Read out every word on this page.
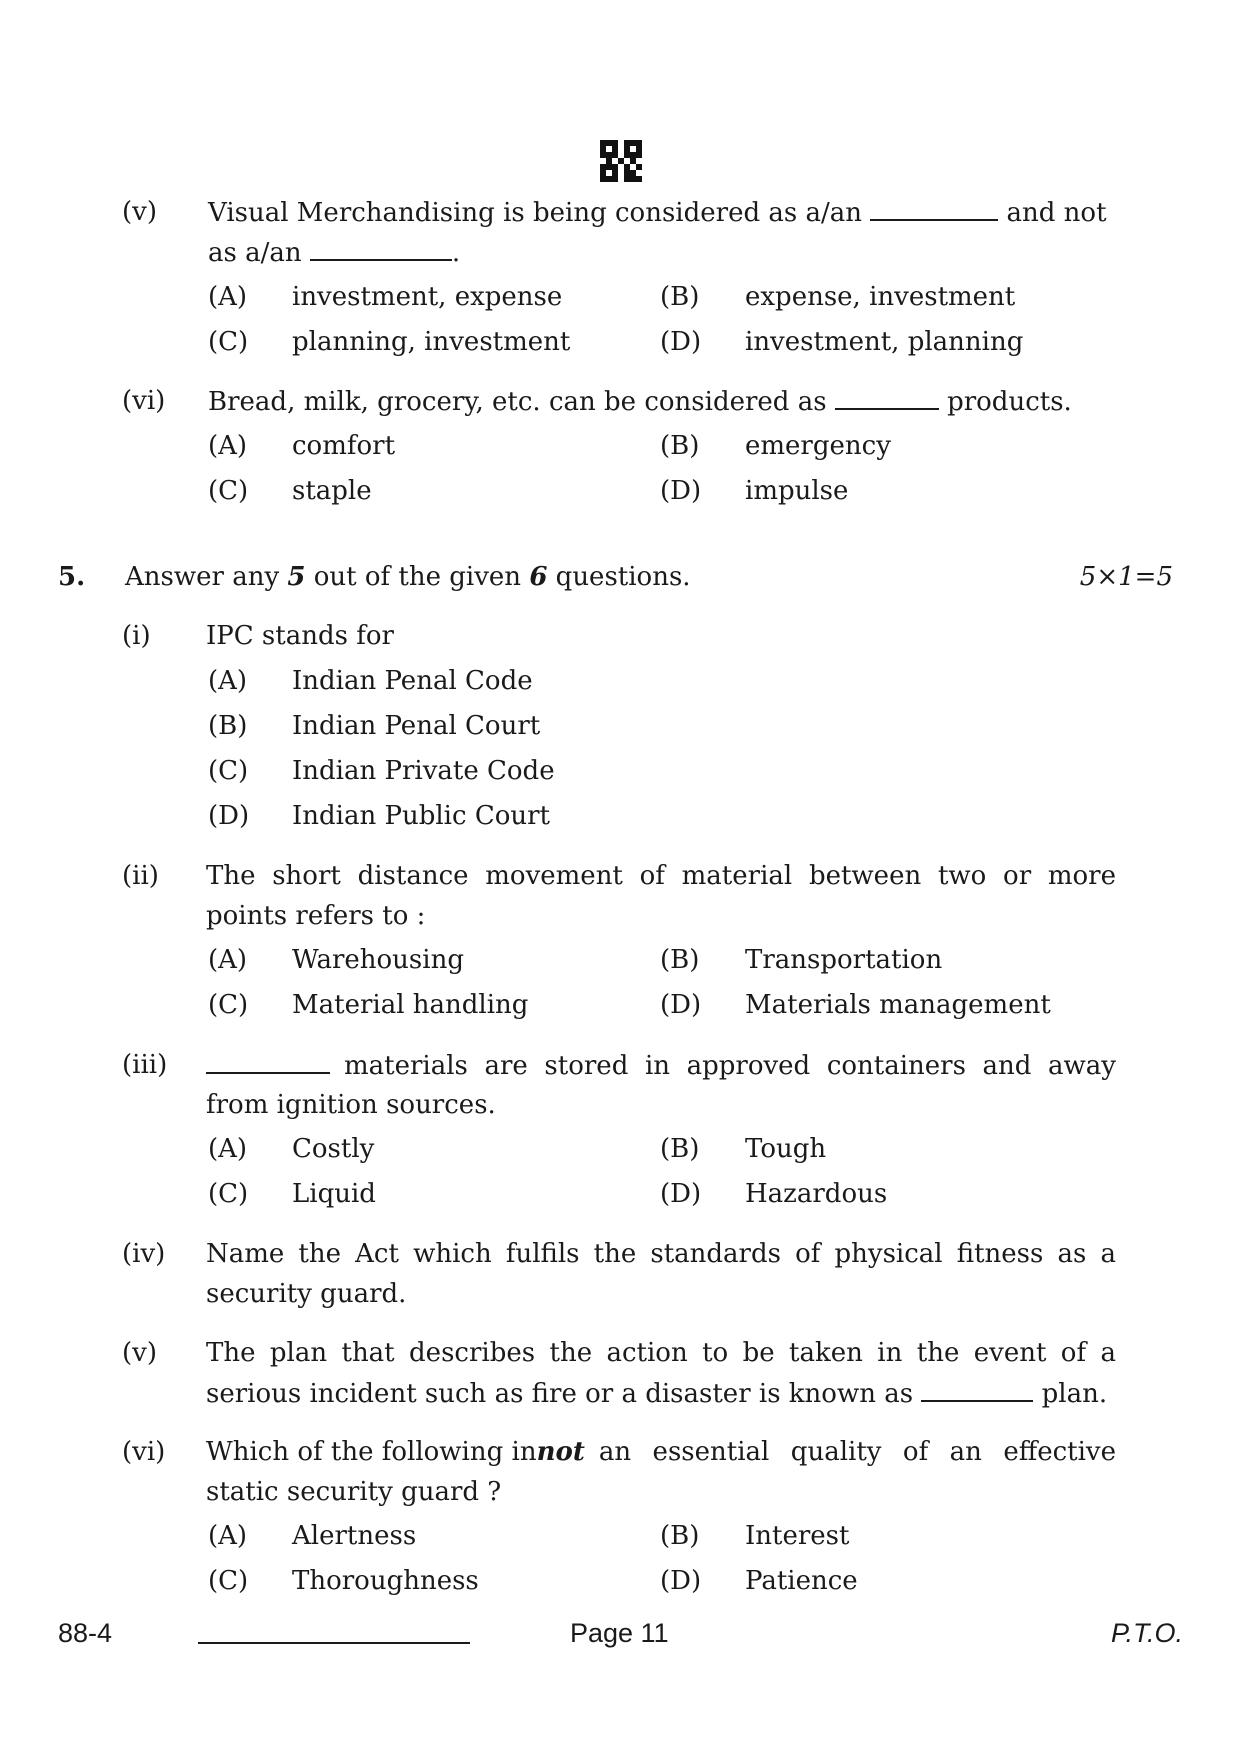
(v) Visual Merchandising is being considered as a/an	and not
as a/an	.
(A) investment, expense	(B) expense, investment
(C) planning, investment	(D) investment, planning
(vi) Bread, milk, grocery, etc. can be considered as	products.
(A) comfort	(B) emergency
(C) staple	(D) impulse
5. Answer any 5 out of the given 6 questions.	5×1=5
(i) IPC stands for
(A) Indian Penal Code
(B) Indian Penal Court
(C) Indian Private Code
(D) Indian Public Court
(ii) The short distance movement of material between two or more
points refers to :
(A) Warehousing	(B) Transportation
(C) Material handling	(D) Materials management
(iii)	materials are stored in approved containers and away
from ignition sources.
(A) Costly	(B) Tough
(C) Liquid	(D) Hazardous
(iv) Name the Act which fulfils the standards of physical fitness as a
security guard.
(v) The plan that describes the action to be taken in the event of a
serious incident such as fire or a disaster is known as	plan.
(vi) Which of the following in not an essential quality of an effective
static security guard ?
(A) Alertness	(B) Interest
(C) Thoroughness	(D) Patience
88-4	Page 11	P.T.O.
